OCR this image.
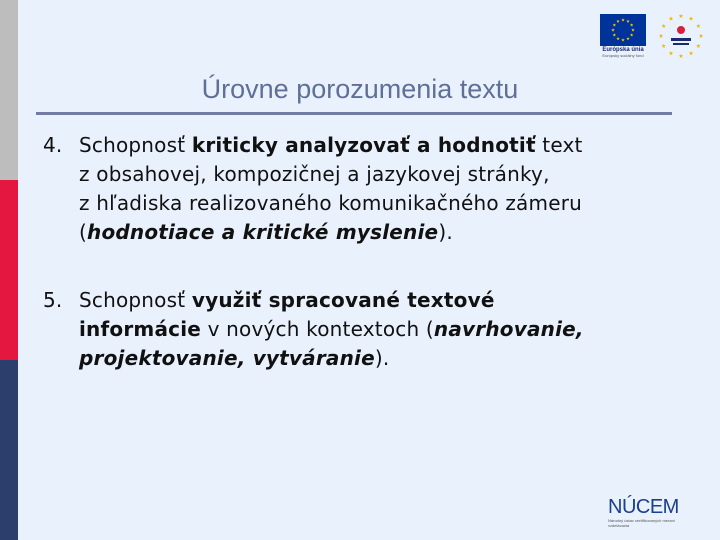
Európska únia
Európsky sociálny fond
Úrovne porozumenia textu
4. Schopnosť kriticky analyzovať a hodnotiť text
z obsahovej, kompozičnej a jazykovej stránky,
z hľadiska realizovaného komunikačného zámeru
(hodnotiace a kritické myslenie).
5. Schopnosť využiť spracované textové
informácie v nových kontextoch (navrhovanie,
projektovanie, vytváranie).
NÚCEM
Národný ústav certifikovaných meraní vzdelávania
